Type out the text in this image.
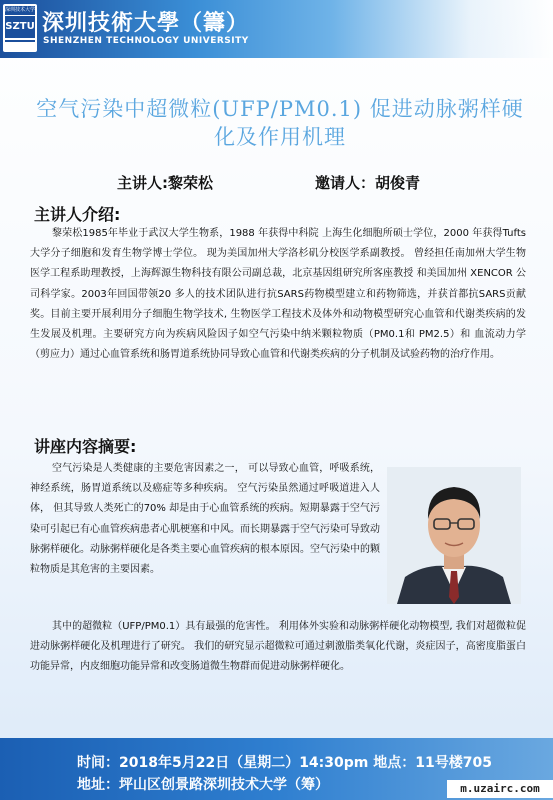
深圳技术大学
SZTU 深圳技術大學（籌）
SHENZHEN TECHNOLOGY UNIVERSITY
空气污染中超微粒(UFP/PM0.1) 促进动脉粥样硬化及作用机理
主讲人:黎荣松	邀请人：胡俊青
主讲人介绍:
黎荣松1985年毕业于武汉大学生物系，1988 年获得中科院 上海生化细胞所硕士学位，2000 年获得Tufts 大学分子细胞和发育生物学博士学位。 现为美国加州大学洛杉矶分校医学系副教授。 曾经担任南加州大学生物医学工程系助理教授，上海辉源生物科技有限公司副总裁，北京基因组研究所客座教授 和美国加州 XENCOR 公司科学家。2003年回国带领20 多人的技术团队进行抗SARS药物模型建立和药物筛选，并获首都抗SARS贡献奖。目前主要开展利用分子细胞生物学技术, 生物医学工程技术及体外和动物模型研究心血管和代谢类疾病的发生发展及机理。主要研究方向为疾病风险因子如空气污染中纳米颗粒物质（PM0.1和 PM2.5）和 血流动力学（剪应力）通过心血管系统和肠胃道系统协同导致心血管和代谢类疾病的分子机制及试验药物的治疗作用。
讲座内容摘要:
空气污染是人类健康的主要危害因素之一， 可以导致心血管，呼吸系统，神经系统，肠胃道系统以及癌症等多种疾病。 空气污染虽然通过呼吸道进入人体， 但其导致人类死亡的70% 却是由于心血管系统的疾病。短期暴露于空气污染可引起已有心血管疾病患者心肌梗塞和中风。而长期暴露于空气污染可导致动脉粥样硬化。动脉粥样硬化是各类主要心血管疾病的根本原因。空气污染中的颗粒物质是其危害的主要因素。
其中的超微粒（UFP/PM0.1）具有最强的危害性。 利用体外实验和动脉粥样硬化动物模型, 我们对超微粒促进动脉粥样硬化及机理进行了研究。 我们的研究显示超微粒可通过刺激脂类氧化代谢，炎症因子，高密度脂蛋白功能异常，内皮细胞功能异常和改变肠道微生物群而促进动脉粥样硬化。
时间：2018年5月22日（星期二）14:30pm 地点：11号楼705
地址：坪山区创景路深圳技术大学（筹）	m.uzairc.com
